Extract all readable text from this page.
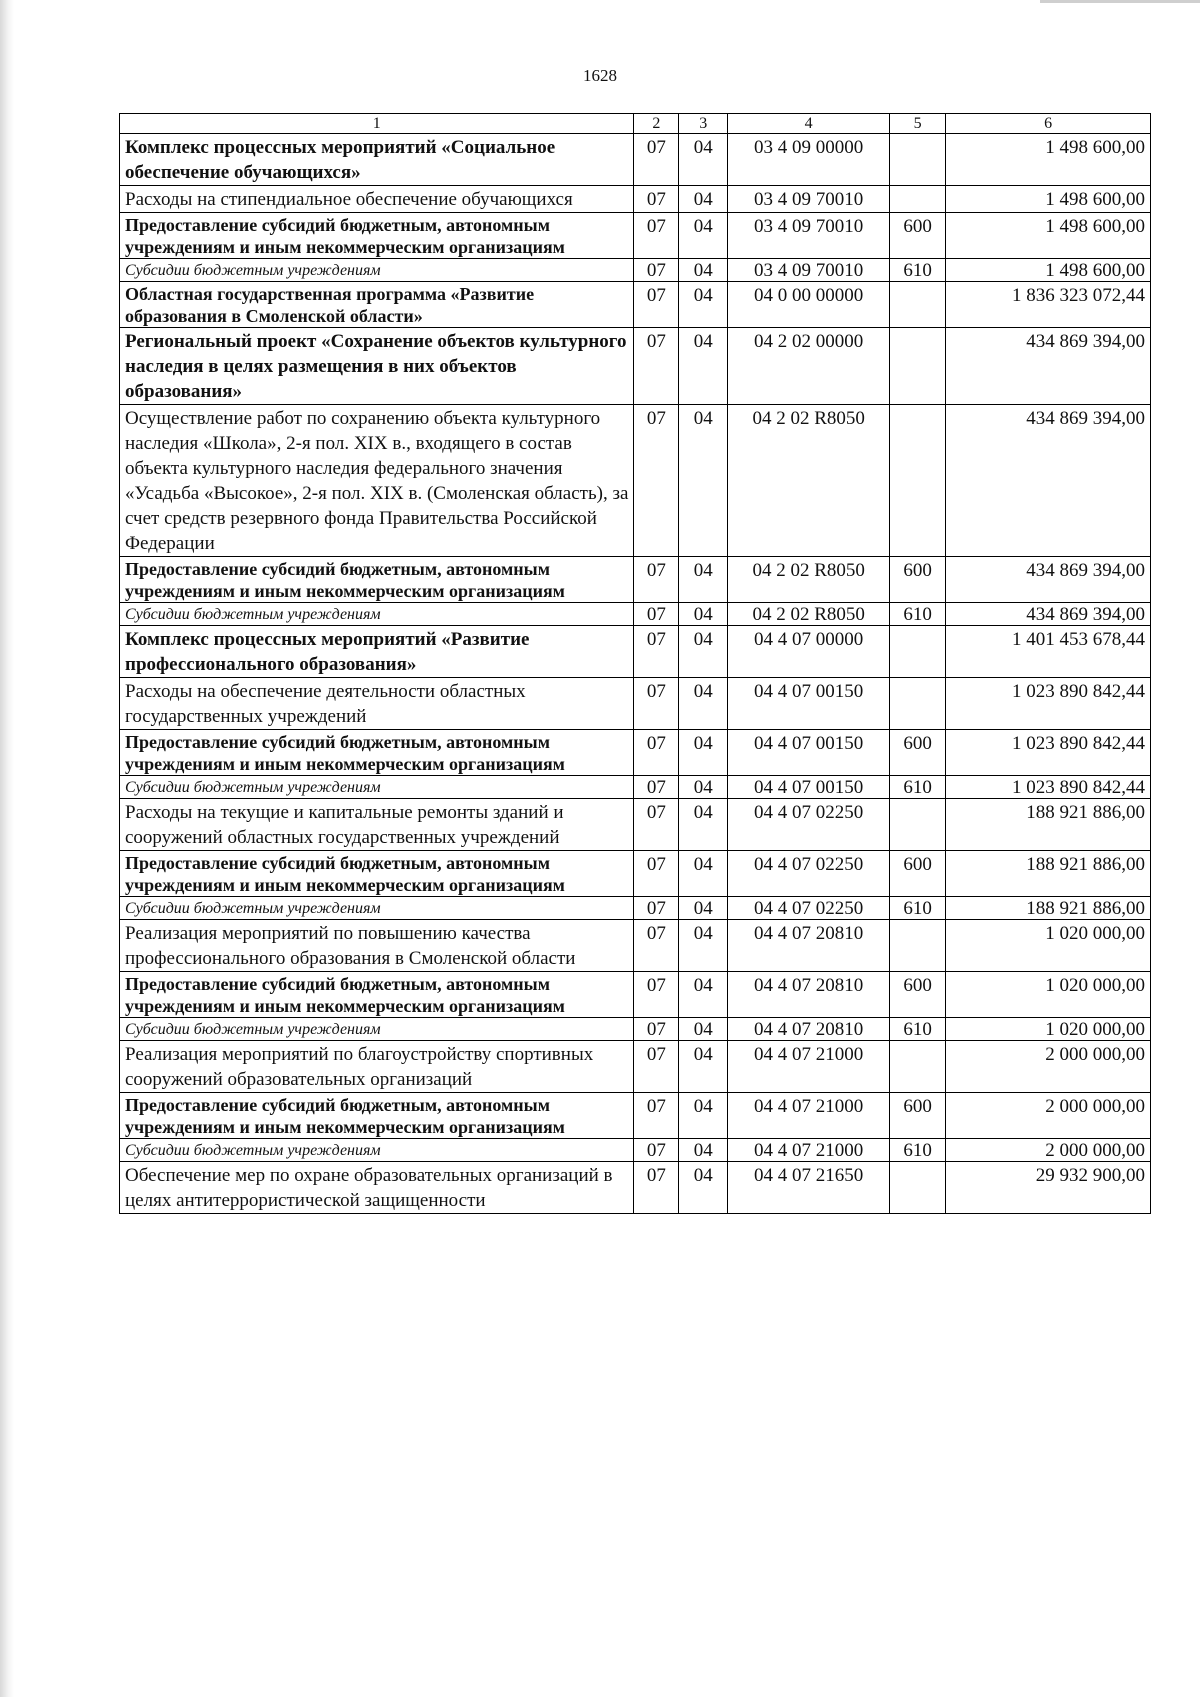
1628
1	2	3	4	5	6
Комплекс процессных мероприятий «Социальное обеспечение обучающихся»	07	04	03 4 09 00000		1 498 600,00
Расходы на стипендиальное обеспечение обучающихся	07	04	03 4 09 70010		1 498 600,00
Предоставление субсидий бюджетным, автономным учреждениям и иным некоммерческим организациям	07	04	03 4 09 70010	600	1 498 600,00
Субсидии бюджетным учреждениям	07	04	03 4 09 70010	610	1 498 600,00
Областная государственная программа «Развитие образования в Смоленской области»	07	04	04 0 00 00000		1 836 323 072,44
Региональный проект «Сохранение объектов культурного наследия в целях размещения в них объектов образования»	07	04	04 2 02 00000		434 869 394,00
Осуществление работ по сохранению объекта культурного наследия «Школа», 2-я пол. XIX в., входящего в состав объекта культурного наследия федерального значения «Усадьба «Высокое», 2-я пол. XIX в. (Смоленская область), за счет средств резервного фонда Правительства Российской Федерации	07	04	04 2 02 R8050		434 869 394,00
Предоставление субсидий бюджетным, автономным учреждениям и иным некоммерческим организациям	07	04	04 2 02 R8050	600	434 869 394,00
Субсидии бюджетным учреждениям	07	04	04 2 02 R8050	610	434 869 394,00
Комплекс процессных мероприятий «Развитие профессионального образования»	07	04	04 4 07 00000		1 401 453 678,44
Расходы на обеспечение деятельности областных государственных учреждений	07	04	04 4 07 00150		1 023 890 842,44
Предоставление субсидий бюджетным, автономным учреждениям и иным некоммерческим организациям	07	04	04 4 07 00150	600	1 023 890 842,44
Субсидии бюджетным учреждениям	07	04	04 4 07 00150	610	1 023 890 842,44
Расходы на текущие и капитальные ремонты зданий и сооружений областных государственных учреждений	07	04	04 4 07 02250		188 921 886,00
Предоставление субсидий бюджетным, автономным учреждениям и иным некоммерческим организациям	07	04	04 4 07 02250	600	188 921 886,00
Субсидии бюджетным учреждениям	07	04	04 4 07 02250	610	188 921 886,00
Реализация мероприятий по повышению качества профессионального образования в Смоленской области	07	04	04 4 07 20810		1 020 000,00
Предоставление субсидий бюджетным, автономным учреждениям и иным некоммерческим организациям	07	04	04 4 07 20810	600	1 020 000,00
Субсидии бюджетным учреждениям	07	04	04 4 07 20810	610	1 020 000,00
Реализация мероприятий по благоустройству спортивных сооружений образовательных организаций	07	04	04 4 07 21000		2 000 000,00
Предоставление субсидий бюджетным, автономным учреждениям и иным некоммерческим организациям	07	04	04 4 07 21000	600	2 000 000,00
Субсидии бюджетным учреждениям	07	04	04 4 07 21000	610	2 000 000,00
Обеспечение мер по охране образовательных организаций в целях антитеррористической защищенности	07	04	04 4 07 21650		29 932 900,00
